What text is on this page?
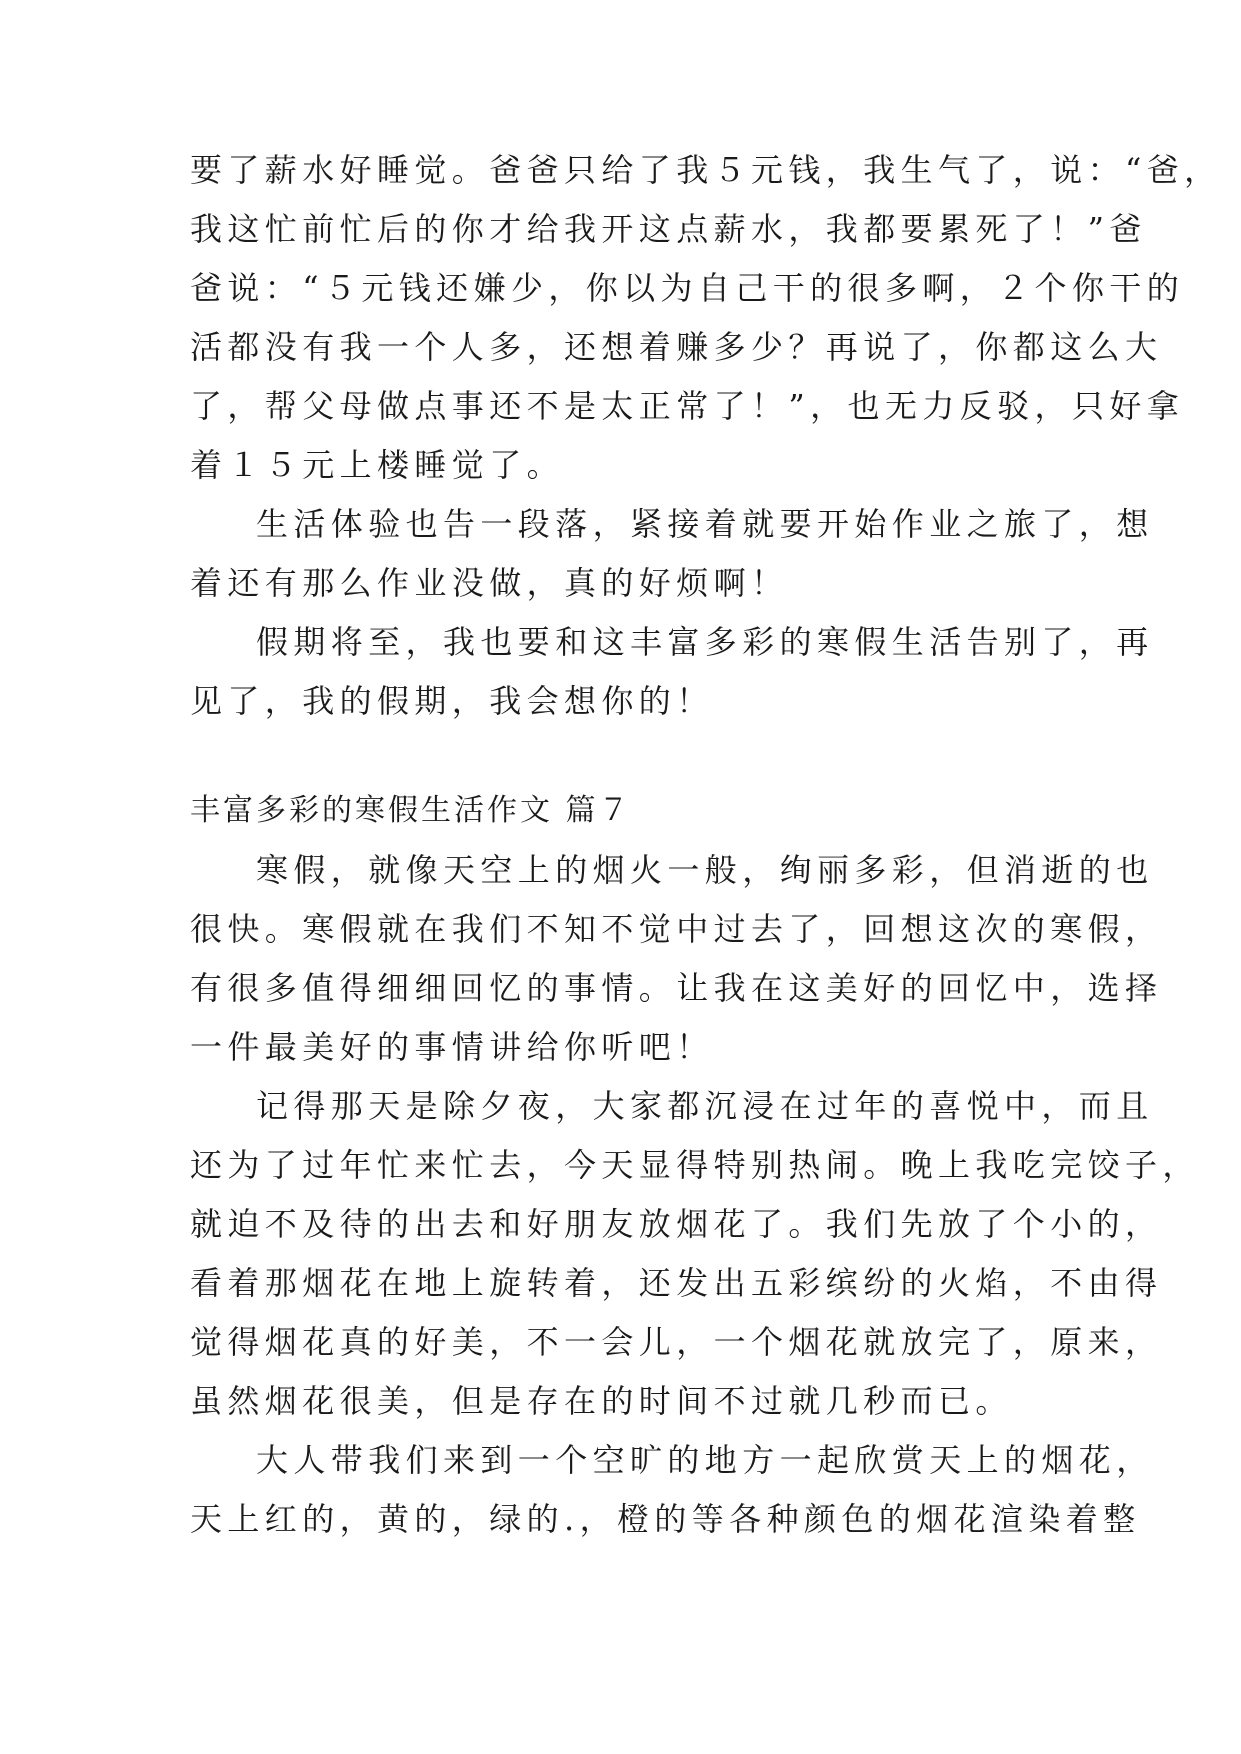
要了薪水好睡觉。爸爸只给了我５元钱，我生气了，说：“爸，
我这忙前忙后的你才给我开这点薪水，我都要累死了！”爸
爸说：“５元钱还嫌少，你以为自己干的很多啊，２个你干的
活都没有我一个人多，还想着赚多少？再说了，你都这么大
了，帮父母做点事还不是太正常了！”，也无力反驳，只好拿
着１５元上楼睡觉了。
生活体验也告一段落，紧接着就要开始作业之旅了，想
着还有那么作业没做，真的好烦啊！
假期将至，我也要和这丰富多彩的寒假生活告别了，再
见了，我的假期，我会想你的！
丰富多彩的寒假生活作文 篇７
寒假，就像天空上的烟火一般，绚丽多彩，但消逝的也
很快。寒假就在我们不知不觉中过去了，回想这次的寒假，
有很多值得细细回忆的事情。让我在这美好的回忆中，选择
一件最美好的事情讲给你听吧！
记得那天是除夕夜，大家都沉浸在过年的喜悦中，而且
还为了过年忙来忙去，今天显得特别热闹。晚上我吃完饺子，
就迫不及待的出去和好朋友放烟花了。我们先放了个小的，
看着那烟花在地上旋转着，还发出五彩缤纷的火焰，不由得
觉得烟花真的好美，不一会儿，一个烟花就放完了，原来，
虽然烟花很美，但是存在的时间不过就几秒而已。
大人带我们来到一个空旷的地方一起欣赏天上的烟花，
天上红的，黄的，绿的.，橙的等各种颜色的烟花渲染着整
